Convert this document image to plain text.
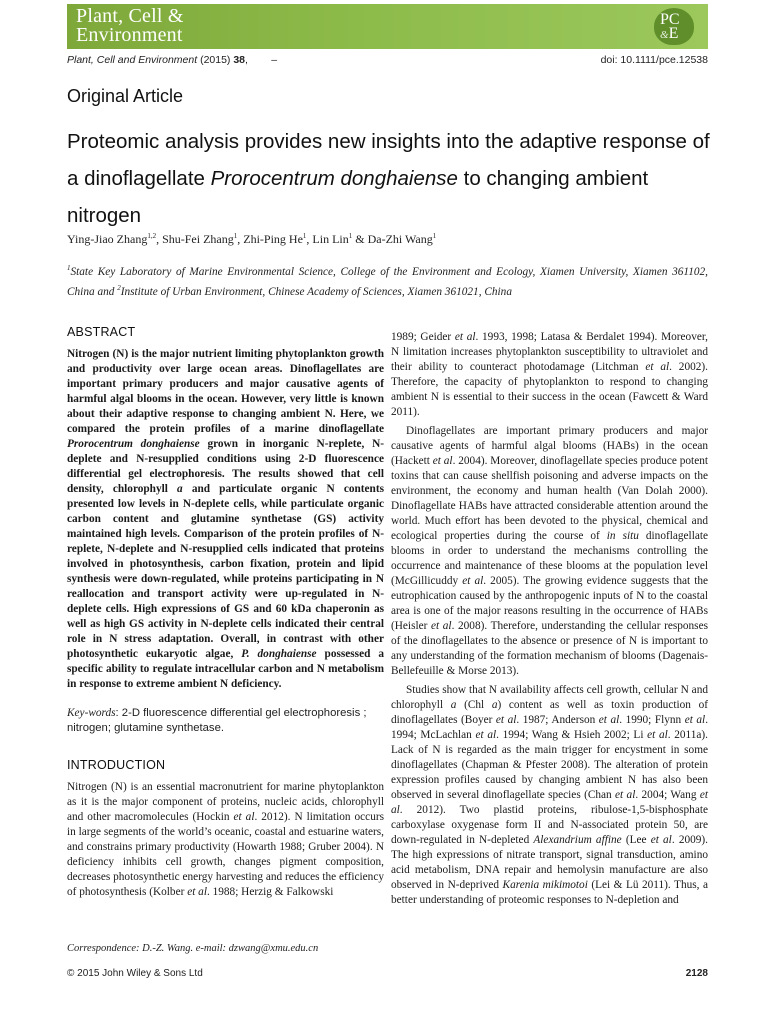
Plant, Cell &
Environment
PC
&E
Plant, Cell and Environment (2015) 38,        –	doi: 10.1111/pce.12538
Original Article
Proteomic analysis provides new insights into the adaptive response of a dinoflagellate Prorocentrum donghaiense to changing ambient nitrogen
Ying-Jiao Zhang$^{1,2}$, Shu-Fei Zhang$^1$, Zhi-Ping He$^1$, Lin Lin$^1$ & Da-Zhi Wang$^1$
$^1$State Key Laboratory of Marine Environmental Science, College of the Environment and Ecology, Xiamen University, Xiamen 361102, China and $^2$Institute of Urban Environment, Chinese Academy of Sciences, Xiamen 361021, China
ABSTRACT

Nitrogen (N) is the major nutrient limiting phytoplankton growth and productivity over large ocean areas. Dinoflagellates are important primary producers and major causative agents of harmful algal blooms in the ocean. However, very little is known about their adaptive response to changing ambient N. Here, we compared the protein profiles of a marine dinoflagellate Prorocentrum donghaiense grown in inorganic N-replete, N-deplete and N-resupplied conditions using 2-D fluorescence differential gel electrophoresis. The results showed that cell density, chlorophyll a and particulate organic N contents presented low levels in N-deplete cells, while particulate organic carbon content and glutamine synthetase (GS) activity maintained high levels. Comparison of the protein profiles of N-replete, N-deplete and N-resupplied cells indicated that proteins involved in photosynthesis, carbon fixation, protein and lipid synthesis were down-regulated, while proteins participating in N reallocation and transport activity were up-regulated in N-deplete cells. High expressions of GS and 60 kDa chaperonin as well as high GS activity in N-deplete cells indicated their central role in N stress adaptation. Overall, in contrast with other photosynthetic eukaryotic algae, P. donghaiense possessed a specific ability to regulate intracellular carbon and N metabolism in response to extreme ambient N deficiency.

Key-words: 2-D fluorescence differential gel electrophoresis ; nitrogen; glutamine synthetase.
INTRODUCTION

Nitrogen (N) is an essential macronutrient for marine phytoplankton as it is the major component of proteins, nucleic acids, chlorophyll and other macromolecules (Hockin et al. 2012). N limitation occurs in large segments of the world’s oceanic, coastal and estuarine waters, and constrains primary productivity (Howarth 1988; Gruber 2004). N deficiency inhibits cell growth, changes pigment composition, decreases photosynthetic energy harvesting and reduces the efficiency of photosynthesis (Kolber et al. 1988; Herzig & Falkowski

1989; Geider et al. 1993, 1998; Latasa & Berdalet 1994). Moreover, N limitation increases phytoplankton susceptibility to ultraviolet and their ability to counteract photodamage (Litchman et al. 2002). Therefore, the capacity of phytoplankton to respond to changing ambient N is essential to their success in the ocean (Fawcett & Ward 2011).

Dinoflagellates are important primary producers and major causative agents of harmful algal blooms (HABs) in the ocean (Hackett et al. 2004). Moreover, dinoflagellate species produce potent toxins that can cause shellfish poisoning and adverse impacts on the environment, the economy and human health (Van Dolah 2000). Dinoflagellate HABs have attracted considerable attention around the world. Much effort has been devoted to the physical, chemical and ecological properties during the course of in situ dinoflagellate blooms in order to understand the mechanisms controlling the occurrence and maintenance of these blooms at the population level (McGillicuddy et al. 2005). The growing evidence suggests that the eutrophication caused by the anthropogenic inputs of N to the coastal area is one of the major reasons resulting in the occurrence of HABs (Heisler et al. 2008). Therefore, understanding the cellular responses of the dinoflagellates to the absence or presence of N is important to any understanding of the formation mechanism of blooms (Dagenais-Bellefeuille & Morse 2013).

Studies show that N availability affects cell growth, cellular N and chlorophyll a (Chl a) content as well as toxin production of dinoflagellates (Boyer et al. 1987; Anderson et al. 1990; Flynn et al. 1994; McLachlan et al. 1994; Wang & Hsieh 2002; Li et al. 2011a). Lack of N is regarded as the main trigger for encystment in some dinoflagellates (Chapman & Pfester 2008). The alteration of protein expression profiles caused by changing ambient N has also been observed in several dinoflagellate species (Chan et al. 2004; Wang et al. 2012). Two plastid proteins, ribulose-1,5-bisphosphate carboxylase oxygenase form II and N-associated protein 50, are down-regulated in N-depleted Alexandrium affine (Lee et al. 2009). The high expressions of nitrate transport, signal transduction, amino acid metabolism, DNA repair and hemolysin manufacture are also observed in N-deprived Karenia mikimotoi (Lei & Lü 2011). Thus, a better understanding of proteomic responses to N-depletion and

Correspondence: D.-Z. Wang. e-mail: dzwang@xmu.edu.cn
© 2015 John Wiley & Sons Ltd	2128
